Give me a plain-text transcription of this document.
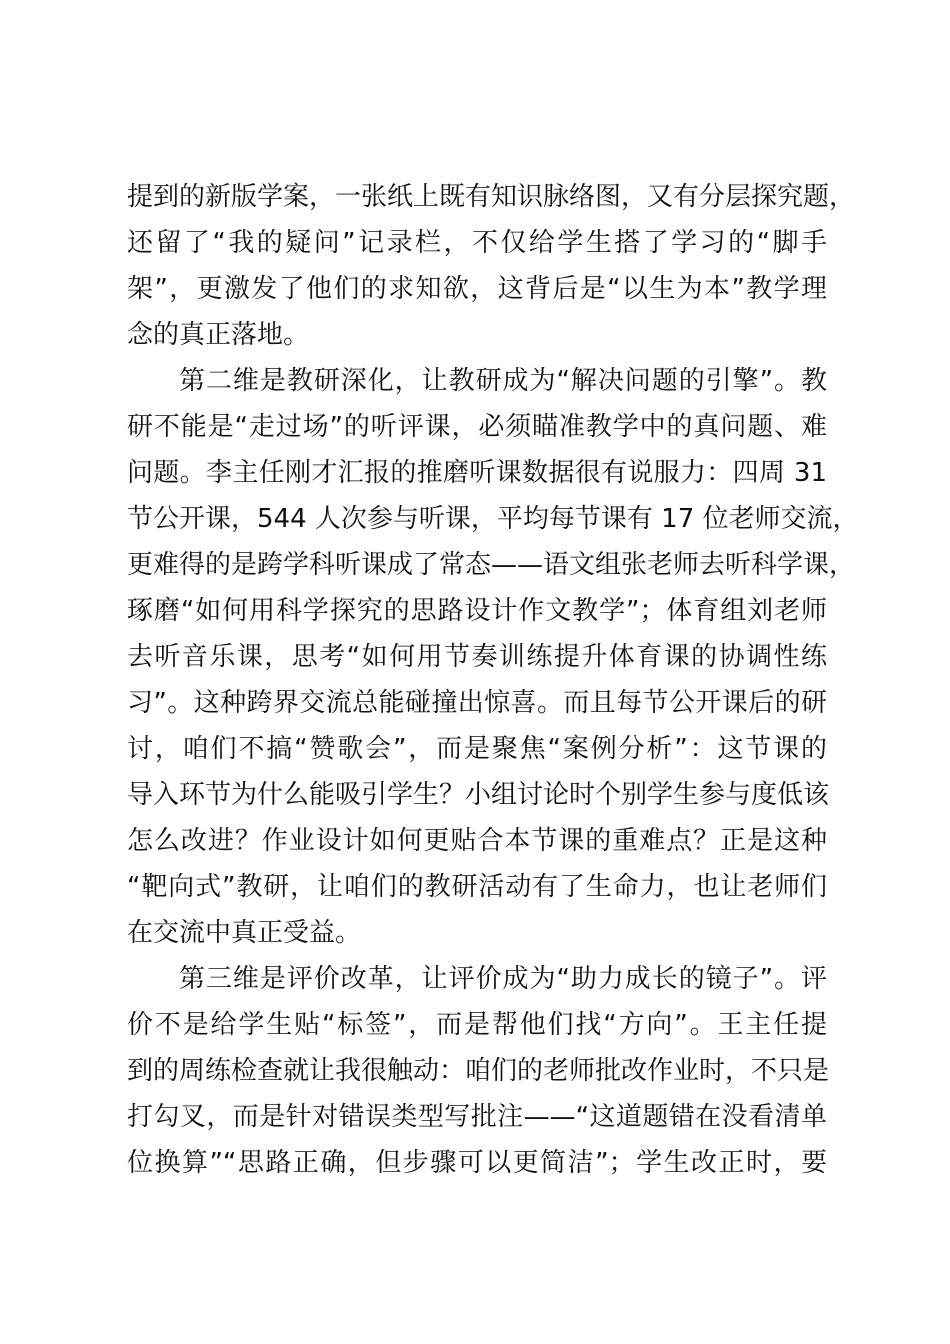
提到的新版学案，一张纸上既有知识脉络图，又有分层探究题，
还留了“我的疑问”记录栏，不仅给学生搭了学习的“脚手
架”，更激发了他们的求知欲，这背后是“以生为本”教学理
念的真正落地。
第二维是教研深化，让教研成为“解决问题的引擎”。教
研不能是“走过场”的听评课，必须瞄准教学中的真问题、难
问题。李主任刚才汇报的推磨听课数据很有说服力：四周 31
节公开课，544 人次参与听课，平均每节课有 17 位老师交流，
更难得的是跨学科听课成了常态——语文组张老师去听科学课，
琢磨“如何用科学探究的思路设计作文教学”；体育组刘老师
去听音乐课，思考“如何用节奏训练提升体育课的协调性练
习”。这种跨界交流总能碰撞出惊喜。而且每节公开课后的研
讨，咱们不搞“赞歌会”，而是聚焦“案例分析”：这节课的
导入环节为什么能吸引学生？小组讨论时个别学生参与度低该
怎么改进？作业设计如何更贴合本节课的重难点？正是这种
“靶向式”教研，让咱们的教研活动有了生命力，也让老师们
在交流中真正受益。
第三维是评价改革，让评价成为“助力成长的镜子”。评
价不是给学生贴“标签”，而是帮他们找“方向”。王主任提
到的周练检查就让我很触动：咱们的老师批改作业时，不只是
打勾叉，而是针对错误类型写批注——“这道题错在没看清单
位换算”“思路正确，但步骤可以更简洁”；学生改正时，要
